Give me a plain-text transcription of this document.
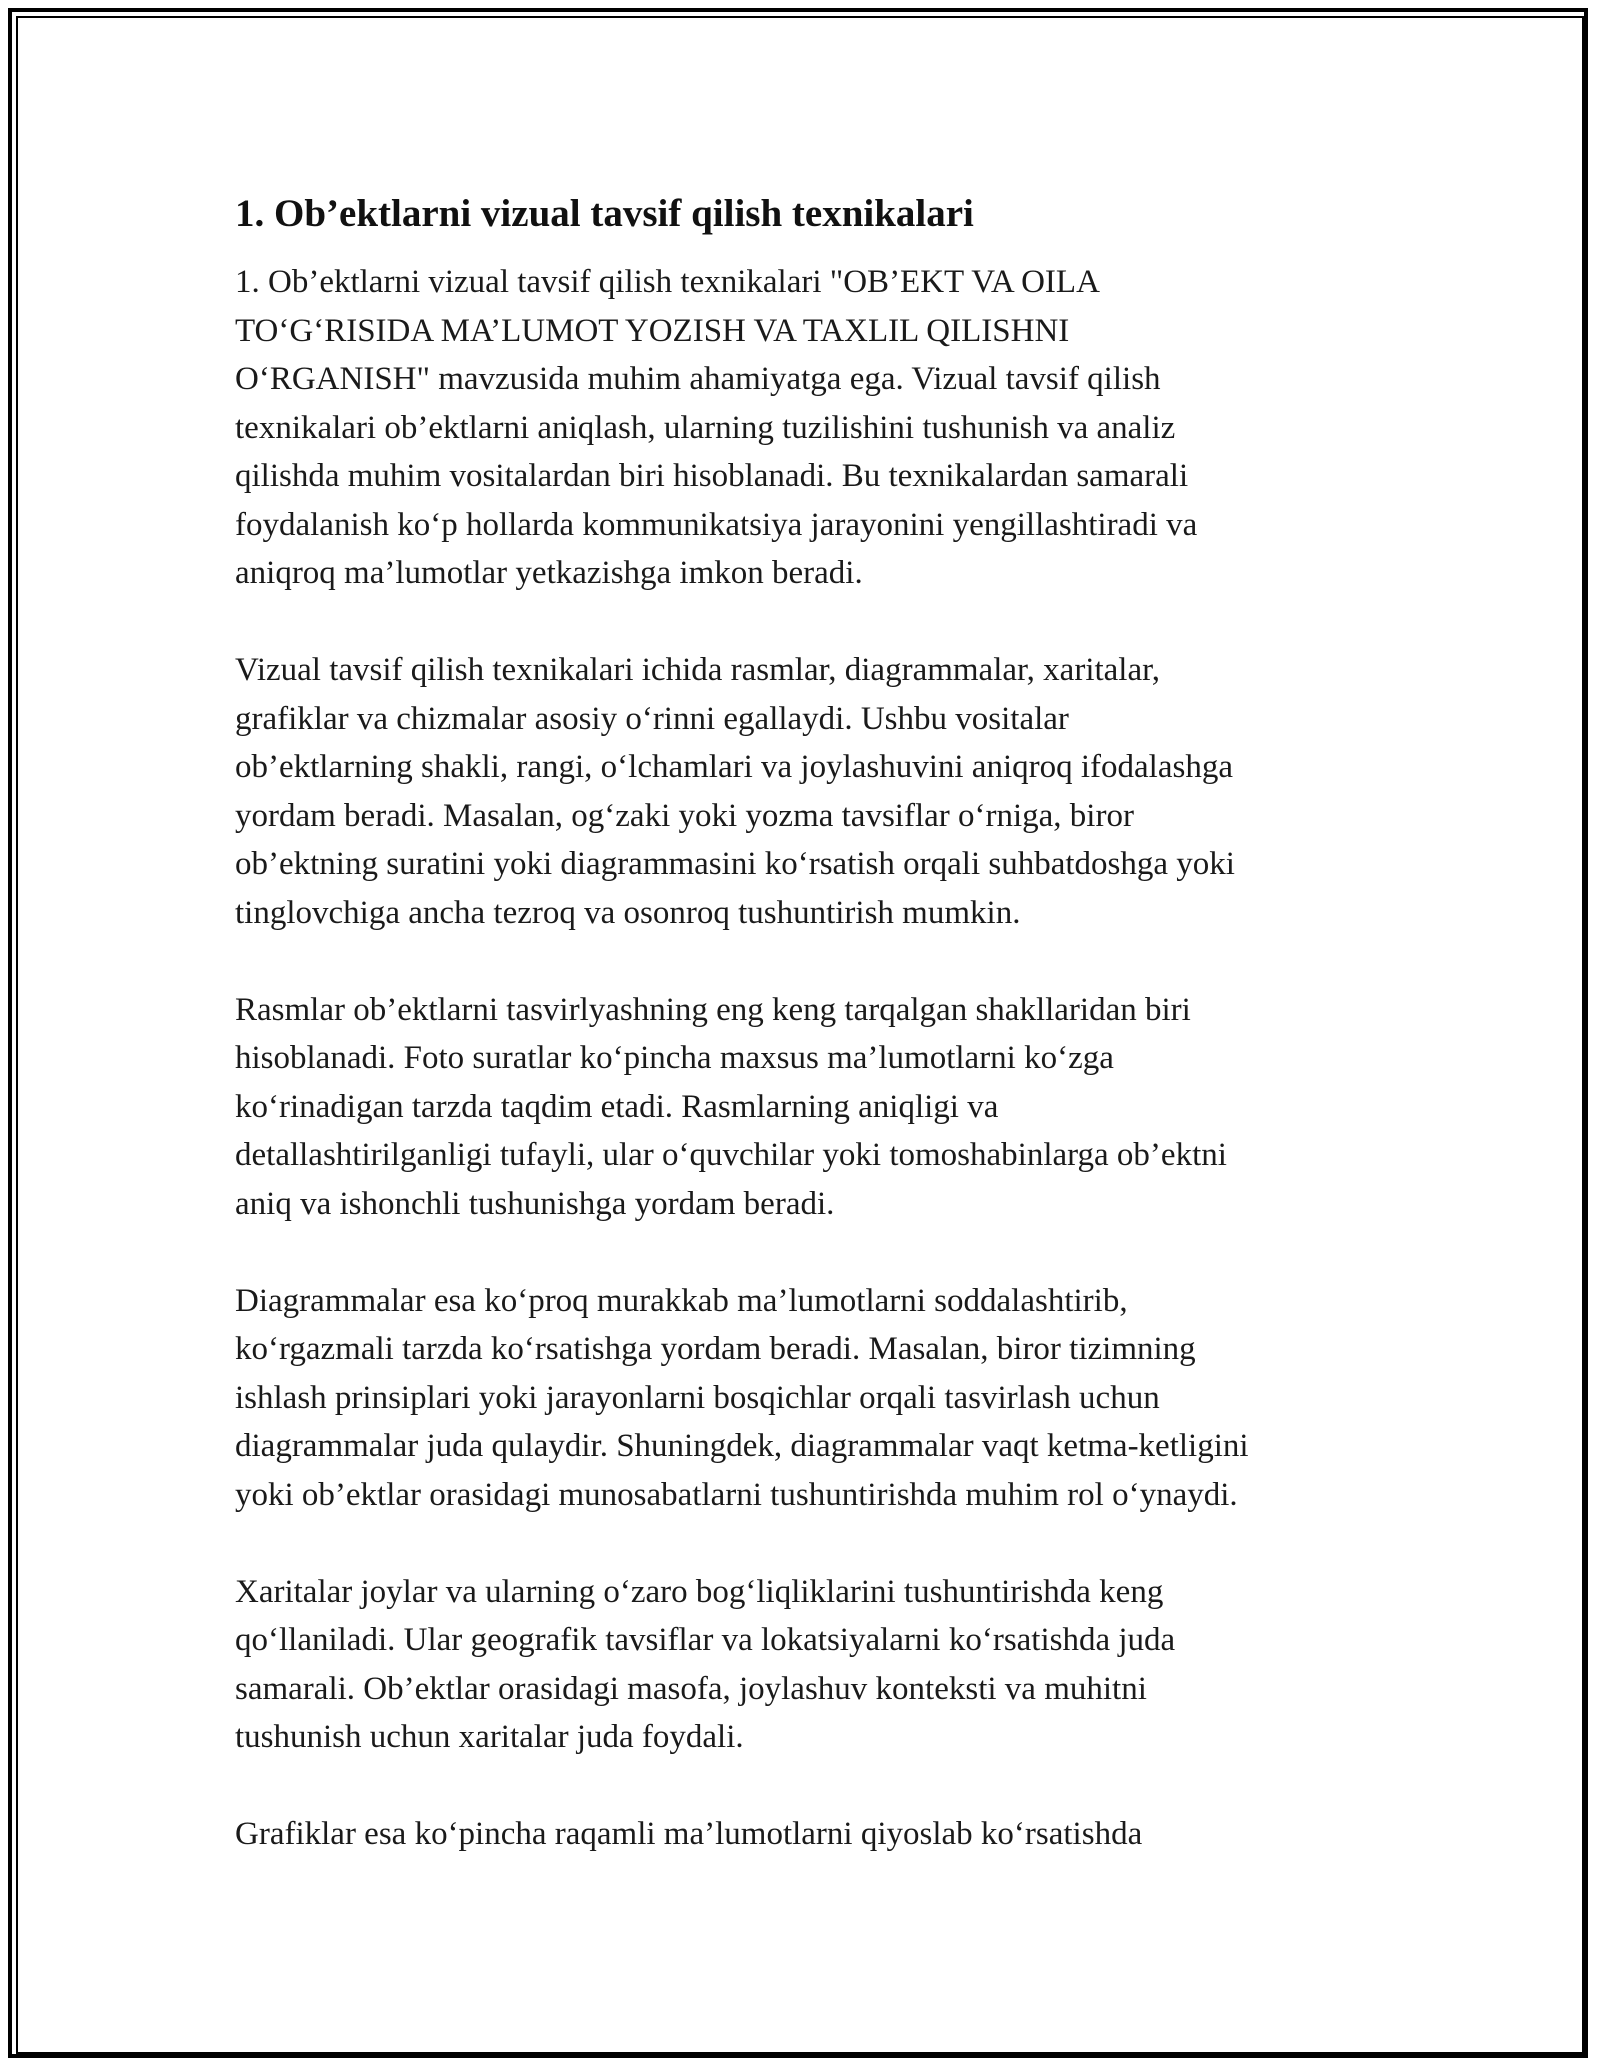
1. Ob’ektlarni vizual tavsif qilish texnikalari
1. Ob’ektlarni vizual tavsif qilish texnikalari "OB’EKT VA OILA
TO‘G‘RISIDA MA’LUMOT YOZISH VA TAXLIL QILISHNI
O‘RGANISH" mavzusida muhim ahamiyatga ega. Vizual tavsif qilish
texnikalari ob’ektlarni aniqlash, ularning tuzilishini tushunish va analiz
qilishda muhim vositalardan biri hisoblanadi. Bu texnikalardan samarali
foydalanish ko‘p hollarda kommunikatsiya jarayonini yengillashtiradi va
aniqroq ma’lumotlar yetkazishga imkon beradi.
Vizual tavsif qilish texnikalari ichida rasmlar, diagrammalar, xaritalar,
grafiklar va chizmalar asosiy o‘rinni egallaydi. Ushbu vositalar
ob’ektlarning shakli, rangi, o‘lchamlari va joylashuvini aniqroq ifodalashga
yordam beradi. Masalan, og‘zaki yoki yozma tavsiflar o‘rniga, biror
ob’ektning suratini yoki diagrammasini ko‘rsatish orqali suhbatdoshga yoki
tinglovchiga ancha tezroq va osonroq tushuntirish mumkin.
Rasmlar ob’ektlarni tasvirlyashning eng keng tarqalgan shakllaridan biri
hisoblanadi. Foto suratlar ko‘pincha maxsus ma’lumotlarni ko‘zga
ko‘rinadigan tarzda taqdim etadi. Rasmlarning aniqligi va
detallashtirilganligi tufayli, ular o‘quvchilar yoki tomoshabinlarga ob’ektni
aniq va ishonchli tushunishga yordam beradi.
Diagrammalar esa ko‘proq murakkab ma’lumotlarni soddalashtirib,
ko‘rgazmali tarzda ko‘rsatishga yordam beradi. Masalan, biror tizimning
ishlash prinsiplari yoki jarayonlarni bosqichlar orqali tasvirlash uchun
diagrammalar juda qulaydir. Shuningdek, diagrammalar vaqt ketma-ketligini
yoki ob’ektlar orasidagi munosabatlarni tushuntirishda muhim rol o‘ynaydi.
Xaritalar joylar va ularning o‘zaro bog‘liqliklarini tushuntirishda keng
qo‘llaniladi. Ular geografik tavsiflar va lokatsiyalarni ko‘rsatishda juda
samarali. Ob’ektlar orasidagi masofa, joylashuv konteksti va muhitni
tushunish uchun xaritalar juda foydali.
Grafiklar esa ko‘pincha raqamli ma’lumotlarni qiyoslab ko‘rsatishda
